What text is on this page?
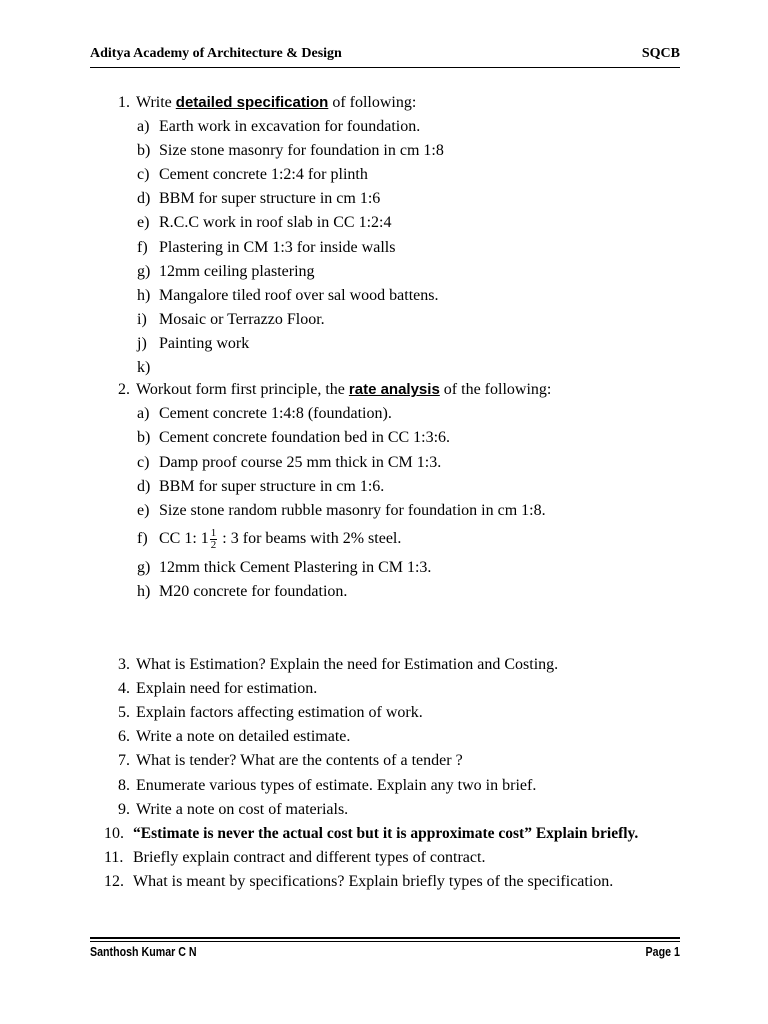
Aditya Academy of Architecture & Design	SQCB
1. Write detailed specification of following:
a) Earth work in excavation for foundation.
b) Size stone masonry for foundation in cm 1:8
c) Cement concrete 1:2:4 for plinth
d) BBM for super structure in cm 1:6
e) R.C.C work in roof slab in CC 1:2:4
f) Plastering in CM 1:3 for inside walls
g) 12mm ceiling plastering
h) Mangalore tiled roof over sal wood battens.
i) Mosaic or Terrazzo Floor.
j) Painting work
k)
2. Workout form first principle, the rate analysis of the following:
a) Cement concrete 1:4:8 (foundation).
b) Cement concrete foundation bed in CC 1:3:6.
c) Damp proof course 25 mm thick in CM 1:3.
d) BBM for super structure in cm 1:6.
e) Size stone random rubble masonry for foundation in cm 1:8.
f) CC 1: $1 \frac{1}{2}$ : 3 for beams with 2% steel.
g) 12mm thick Cement Plastering in CM 1:3.
h) M20 concrete for foundation.
3. What is Estimation? Explain the need for Estimation and Costing.
4. Explain need for estimation.
5. Explain factors affecting estimation of work.
6. Write a note on detailed estimate.
7. What is tender? What are the contents of a tender ?
8. Enumerate various types of estimate. Explain any two in brief.
9. Write a note on cost of materials.
10. “Estimate is never the actual cost but it is approximate cost” Explain briefly.
11. Briefly explain contract and different types of contract.
12. What is meant by specifications? Explain briefly types of the specification.
Santhosh Kumar C N	Page 1
